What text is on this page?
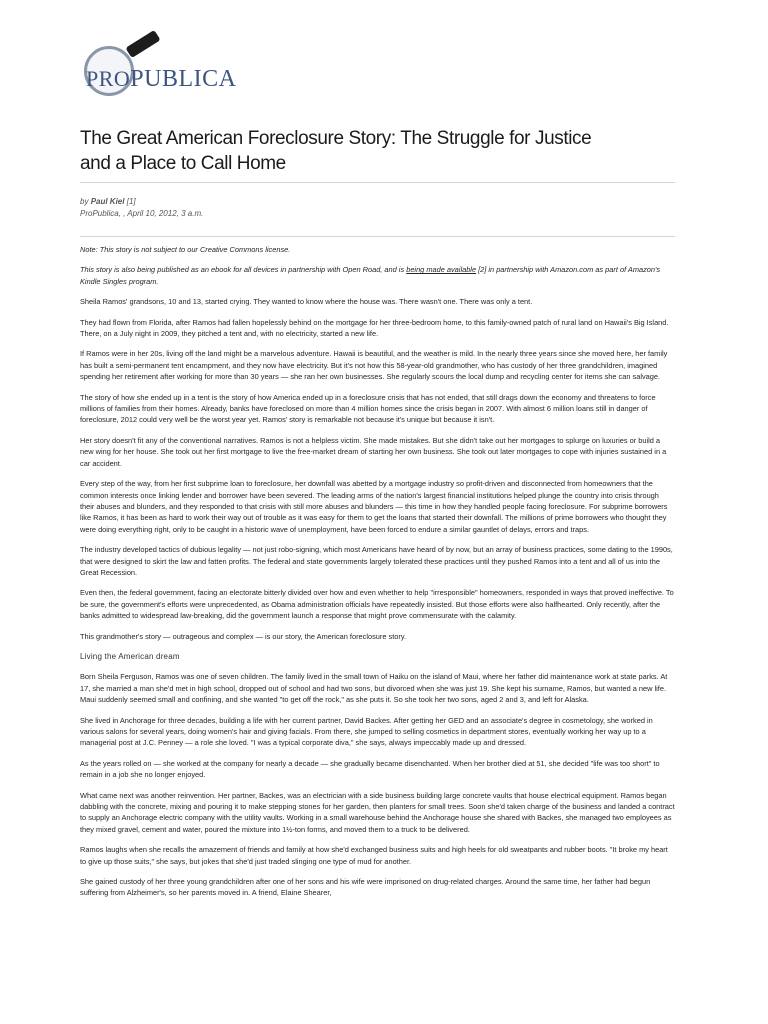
PROPUBLICA
The Great American Foreclosure Story: The Struggle for Justice and a Place to Call Home
by Paul Kiel [1]
ProPublica, , April 10, 2012, 3 a.m.

Note: This story is not subject to our Creative Commons license.

This story is also being published as an ebook for all devices in partnership with Open Road, and is being made available [2] in partnership with Amazon.com as part of Amazon's Kindle Singles program.

Sheila Ramos' grandsons, 10 and 13, started crying. They wanted to know where the house was. There wasn't one. There was only a tent.

They had flown from Florida, after Ramos had fallen hopelessly behind on the mortgage for her three-bedroom home, to this family-owned patch of rural land on Hawaii's Big Island. There, on a July night in 2009, they pitched a tent and, with no electricity, started a new life.

If Ramos were in her 20s, living off the land might be a marvelous adventure. Hawaii is beautiful, and the weather is mild. In the nearly three years since she moved here, her family has built a semi-permanent tent encampment, and they now have electricity. But it's not how this 58-year-old grandmother, who has custody of her three grandchildren, imagined spending her retirement after working for more than 30 years — she ran her own businesses. She regularly scours the local dump and recycling center for items she can salvage.

The story of how she ended up in a tent is the story of how America ended up in a foreclosure crisis that has not ended, that still drags down the economy and threatens to force millions of families from their homes. Already, banks have foreclosed on more than 4 million homes since the crisis began in 2007. With almost 6 million loans still in danger of foreclosure, 2012 could very well be the worst year yet. Ramos' story is remarkable not because it's unique but because it isn't.

Her story doesn't fit any of the conventional narratives. Ramos is not a helpless victim. She made mistakes. But she didn't take out her mortgages to splurge on luxuries or build a new wing for her house. She took out her first mortgage to live the free-market dream of starting her own business. She took out later mortgages to cope with injuries sustained in a car accident.

Every step of the way, from her first subprime loan to foreclosure, her downfall was abetted by a mortgage industry so profit-driven and disconnected from homeowners that the common interests once linking lender and borrower have been severed. The leading arms of the nation's largest financial institutions helped plunge the country into crisis through their abuses and blunders, and they responded to that crisis with still more abuses and blunders — this time in how they handled people facing foreclosure. For subprime borrowers like Ramos, it has been as hard to work their way out of trouble as it was easy for them to get the loans that started their downfall. The millions of prime borrowers who thought they were doing everything right, only to be caught in a historic wave of unemployment, have been forced to endure a similar gauntlet of delays, errors and traps.

The industry developed tactics of dubious legality — not just robo-signing, which most Americans have heard of by now, but an array of business practices, some dating to the 1990s, that were designed to skirt the law and fatten profits. The federal and state governments largely tolerated these practices until they pushed Ramos into a tent and all of us into the Great Recession.

Even then, the federal government, facing an electorate bitterly divided over how and even whether to help "irresponsible" homeowners, responded in ways that proved ineffective. To be sure, the government's efforts were unprecedented, as Obama administration officials have repeatedly insisted. But those efforts were also halfhearted. Only recently, after the banks admitted to widespread law-breaking, did the government launch a response that might prove commensurate with the calamity.

This grandmother's story — outrageous and complex — is our story, the American foreclosure story.

Living the American dream

Born Sheila Ferguson, Ramos was one of seven children. The family lived in the small town of Haiku on the island of Maui, where her father did maintenance work at state parks. At 17, she married a man she'd met in high school, dropped out of school and had two sons, but divorced when she was just 19. She kept his surname, Ramos, but wanted a new life. Maui suddenly seemed small and confining, and she wanted "to get off the rock," as she puts it. So she took her two sons, aged 2 and 3, and left for Alaska.

She lived in Anchorage for three decades, building a life with her current partner, David Backes. After getting her GED and an associate's degree in cosmetology, she worked in various salons for several years, doing women's hair and giving facials. From there, she jumped to selling cosmetics in department stores, eventually working her way up to a managerial post at J.C. Penney — a role she loved. "I was a typical corporate diva," she says, always impeccably made up and dressed.

As the years rolled on — she worked at the company for nearly a decade — she gradually became disenchanted. When her brother died at 51, she decided "life was too short" to remain in a job she no longer enjoyed.

What came next was another reinvention. Her partner, Backes, was an electrician with a side business building large concrete vaults that house electrical equipment. Ramos began dabbling with the concrete, mixing and pouring it to make stepping stones for her garden, then planters for small trees. Soon she'd taken charge of the business and landed a contract to supply an Anchorage electric company with the utility vaults. Working in a small warehouse behind the Anchorage house she shared with Backes, she managed two employees as they mixed gravel, cement and water, poured the mixture into 1½-ton forms, and moved them to a truck to be delivered.

Ramos laughs when she recalls the amazement of friends and family at how she'd exchanged business suits and high heels for old sweatpants and rubber boots. "It broke my heart to give up those suits," she says, but jokes that she'd just traded slinging one type of mud for another.

She gained custody of her three young grandchildren after one of her sons and his wife were imprisoned on drug-related charges. Around the same time, her father had begun suffering from Alzheimer's, so her parents moved in. A friend, Elaine Shearer,
